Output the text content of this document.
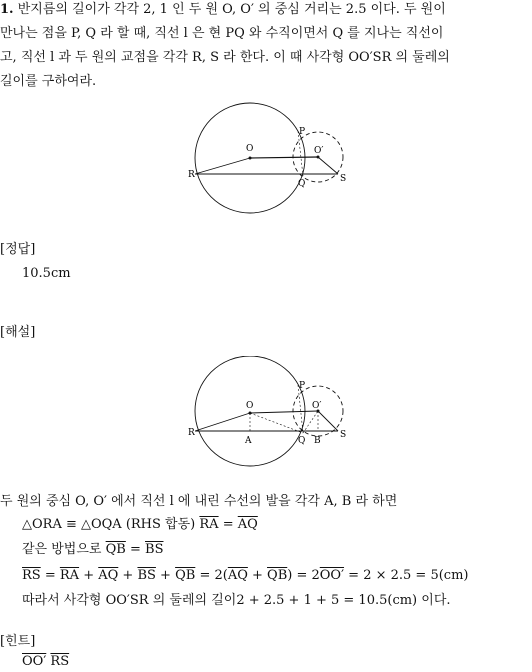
1. 반지름의 길이가 각각 2, 1 인 두 원 O, O′ 의 중심 거리는 2.5 이다. 두 원이
만나는 점을 P, Q 라 할 때, 직선 l 은 현 PQ 와 수직이면서 Q 를 지나는 직선이
고, 직선 l 과 두 원의 교점을 각각 R, S 라 한다. 이 때 사각형 OO′SR 의 둘레의
길이를 구하여라.
P
O	O′
R
Q	S
[정답]
10.5cm
[해설]
P
O	O′
R
A	Q B
S
두 원의 중심 O, O′ 에서 직선 l 에 내린 수선의 발을 각각 A, B 라 하면
△ORA ≡ △OQA (RHS 합동) $\overline{RA} = \overline{AQ}$
같은 방법으로 $\overline{QB} = \overline{BS}$
$\overline{RS} = \overline{RA} + \overline{AQ} + \overline{BS} + \overline{QB} = 2(\overline{AQ} + \overline{QB}) = 2OO' = 2 \times 2.5 = 5(cm)$
따라서 사각형 OO′SR 의 둘레의 길이2 + 2.5 + 1 + 5 = 10.5(cm) 이다.
[힌트]
OO′ $\overline{RS}$
